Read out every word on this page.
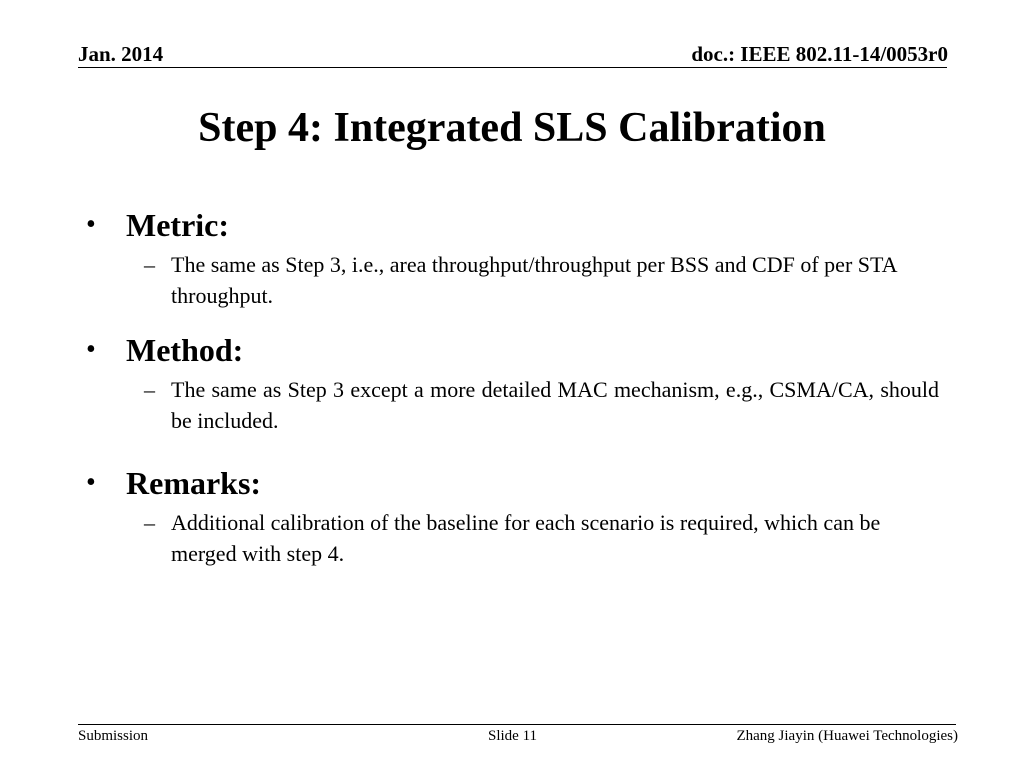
Jan. 2014	doc.: IEEE 802.11-14/0053r0
Step 4: Integrated SLS Calibration
• Metric:
– The same as Step 3, i.e., area throughput/throughput per BSS and CDF of per STA throughput.
• Method:
– The same as Step 3 except a more detailed MAC mechanism, e.g., CSMA/CA, should be included.
• Remarks:
– Additional calibration of the baseline for each scenario is required, which can be merged with step 4.
Submission	Slide 11	Zhang Jiayin (Huawei Technologies)
